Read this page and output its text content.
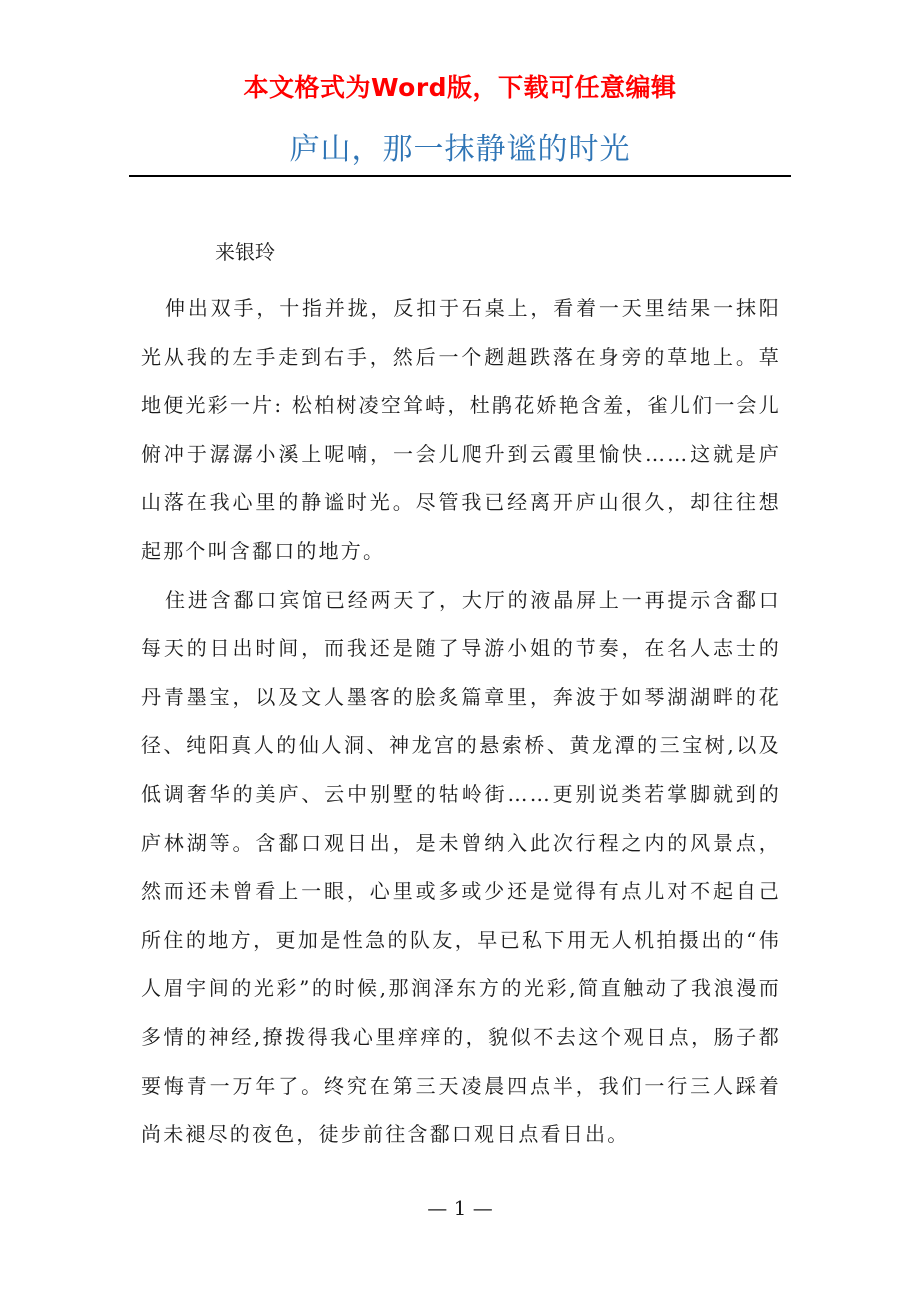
本文格式为Word版，下载可任意编辑
庐山，那一抹静谧的时光
来银玲

伸出双手，十指并拢，反扣于石桌上，看着一天里结果一抹阳光从我的左手走到右手，然后一个趔趄跌落在身旁的草地上。草地便光彩一片: 松柏树凌空耸峙，杜鹃花娇艳含羞，雀儿们一会儿俯冲于潺潺小溪上呢喃，一会儿爬升到云霞里愉快……这就是庐山落在我心里的静谧时光。尽管我已经离开庐山很久，却往往想起那个叫含鄱口的地方。

住进含鄱口宾馆已经两天了，大厅的液晶屏上一再提示含鄱口每天的日出时间，而我还是随了导游小姐的节奏，在名人志士的丹青墨宝，以及文人墨客的脍炙篇章里，奔波于如琴湖湖畔的花径、纯阳真人的仙人洞、神龙宫的悬索桥、黄龙潭的三宝树,以及低调奢华的美庐、云中别墅的牯岭街……更别说类若掌脚就到的庐林湖等。含鄱口观日出，是未曾纳入此次行程之内的风景点，然而还未曾看上一眼，心里或多或少还是觉得有点儿对不起自己所住的地方，更加是性急的队友，早已私下用无人机拍摄出的“伟人眉宇间的光彩”的时候,那润泽东方的光彩,简直触动了我浪漫而多情的神经,撩拨得我心里痒痒的，貌似不去这个观日点，肠子都要悔青一万年了。终究在第三天凌晨四点半，我们一行三人踩着尚未褪尽的夜色，徒步前往含鄱口观日点看日出。

— 1 —
